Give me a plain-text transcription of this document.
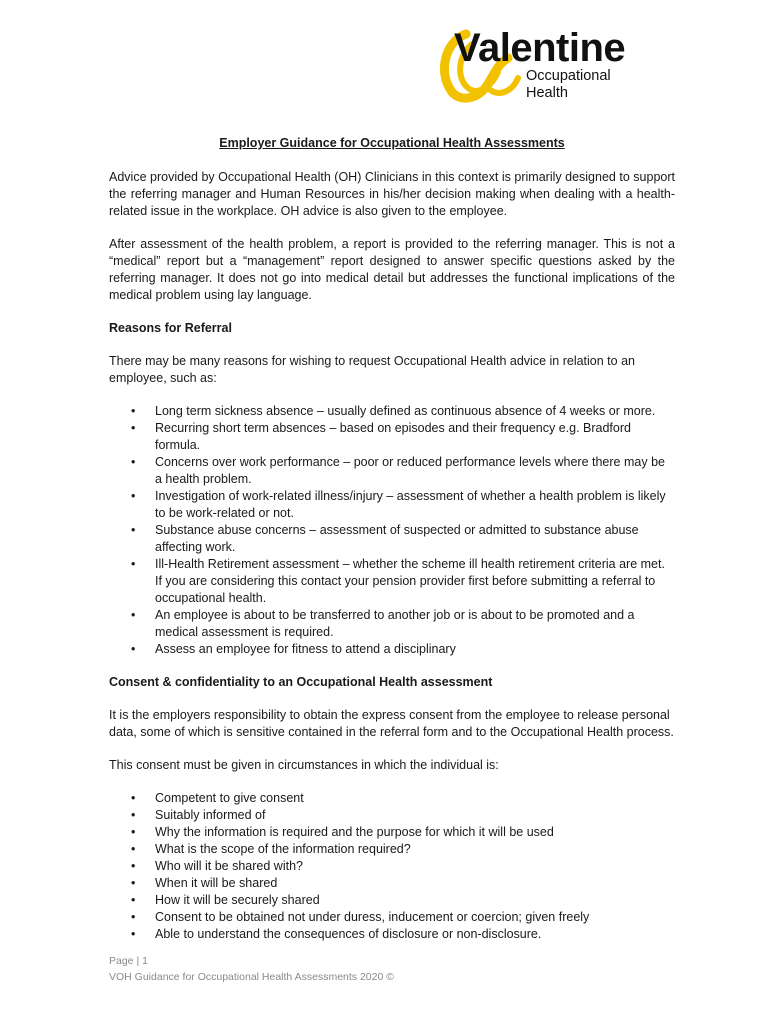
Valentine
Occupational
Health
Employer Guidance for Occupational Health Assessments

Advice provided by Occupational Health (OH) Clinicians in this context is primarily designed to support the referring manager and Human Resources in his/her decision making when dealing with a health-related issue in the workplace. OH advice is also given to the employee.

After assessment of the health problem, a report is provided to the referring manager. This is not a “medical” report but a “management” report designed to answer specific questions asked by the referring manager. It does not go into medical detail but addresses the functional implications of the medical problem using lay language.

Reasons for Referral

There may be many reasons for wishing to request Occupational Health advice in relation to an employee, such as:

• Long term sickness absence – usually defined as continuous absence of 4 weeks or more.
• Recurring short term absences – based on episodes and their frequency e.g. Bradford formula.
• Concerns over work performance – poor or reduced performance levels where there may be a health problem.
• Investigation of work-related illness/injury – assessment of whether a health problem is likely to be work-related or not.
• Substance abuse concerns – assessment of suspected or admitted to substance abuse affecting work.
• Ill-Health Retirement assessment – whether the scheme ill health retirement criteria are met. If you are considering this contact your pension provider first before submitting a referral to occupational health.
• An employee is about to be transferred to another job or is about to be promoted and a medical assessment is required.
• Assess an employee for fitness to attend a disciplinary
Consent & confidentiality to an Occupational Health assessment

It is the employers responsibility to obtain the express consent from the employee to release personal data, some of which is sensitive contained in the referral form and to the Occupational Health process.

This consent must be given in circumstances in which the individual is:

• Competent to give consent
• Suitably informed of
• Why the information is required and the purpose for which it will be used
• What is the scope of the information required?
• Who will it be shared with?
• When it will be shared
• How it will be securely shared
• Consent to be obtained not under duress, inducement or coercion; given freely
• Able to understand the consequences of disclosure or non-disclosure.
Page | 1
VOH Guidance for Occupational Health Assessments 2020 ©
